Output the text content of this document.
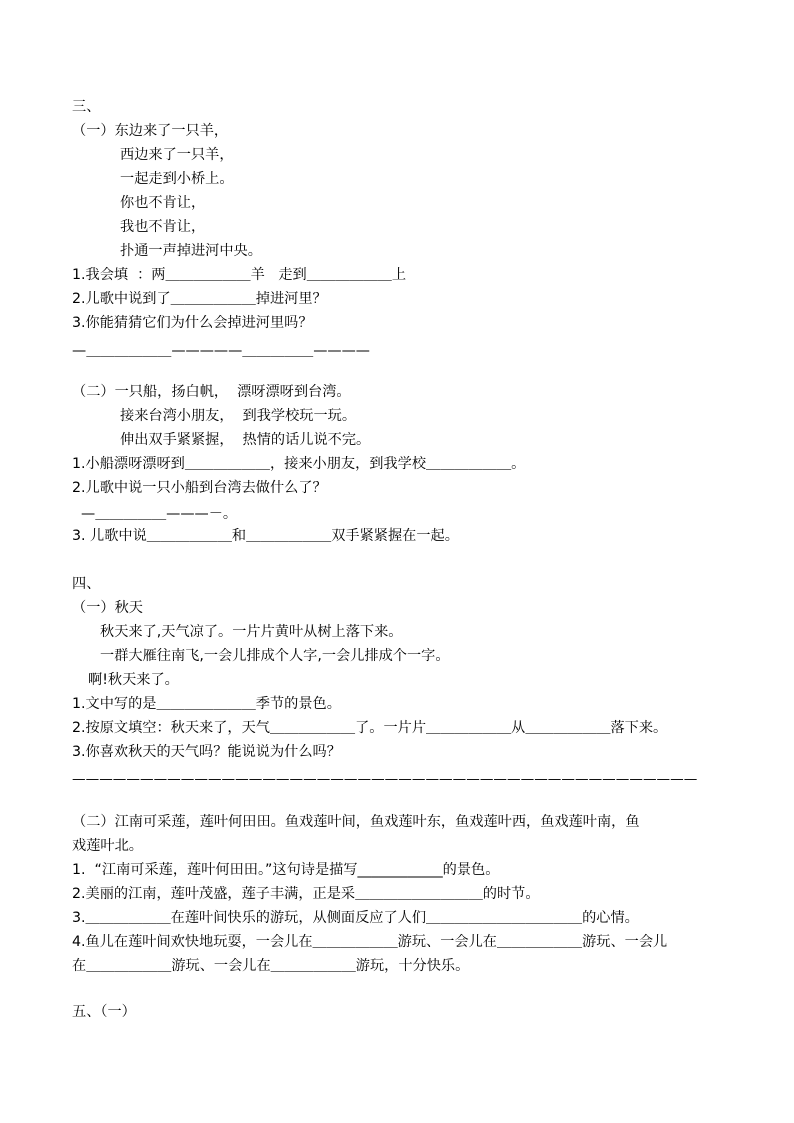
三、

（一）东边来了一只羊，

西边来了一只羊，

一起走到小桥上。

你也不肯让，

我也不肯让，

扑通一声掉进河中央。

1.我会填  ：两＿＿＿＿＿＿羊   走到＿＿＿＿＿＿上

2.儿歌中说到了＿＿＿＿＿＿掉进河里？

3.你能猜猜它们为什么会掉进河里吗？

—＿＿＿＿＿＿—————＿＿＿＿＿————

（二）一只船，扬白帆，  漂呀漂呀到台湾。

接来台湾小朋友，  到我学校玩一玩。

伸出双手紧紧握，  热情的话儿说不完。

1.小船漂呀漂呀到＿＿＿＿＿＿，接来小朋友，到我学校＿＿＿＿＿＿。

2.儿歌中说一只小船到台湾去做什么了？

—＿＿＿＿＿———－。

3. 儿歌中说＿＿＿＿＿＿和＿＿＿＿＿＿双手紧紧握在一起。

四、

（一）秋天

秋天来了,天气凉了。一片片黄叶从树上落下来。

一群大雁往南飞,一会儿排成个人字,一会儿排成个一字。

啊!秋天来了。

1.文中写的是＿＿＿＿＿＿＿季节的景色。

2.按原文填空：秋天来了，天气＿＿＿＿＿＿了。一片片＿＿＿＿＿＿从＿＿＿＿＿＿落下来。

3.你喜欢秋天的天气吗？能说说为什么吗？

——————————————————————————————————————————————

（二）江南可采莲，莲叶何田田。鱼戏莲叶间，鱼戏莲叶东，鱼戏莲叶西，鱼戏莲叶南，鱼

戏莲叶北。

1.  “江南可采莲，莲叶何田田。”这句诗是描写____________的景色。

2.美丽的江南，莲叶茂盛，莲子丰满，正是采＿＿＿＿＿＿＿＿＿的时节。

3.＿＿＿＿＿＿在莲叶间快乐的游玩，从侧面反应了人们＿＿＿＿＿＿＿＿＿＿＿的心情。

4.鱼儿在莲叶间欢快地玩耍，一会儿在＿＿＿＿＿＿游玩、一会儿在＿＿＿＿＿＿游玩、一会儿

在＿＿＿＿＿＿游玩、一会儿在＿＿＿＿＿＿游玩，十分快乐。

五、（一）
